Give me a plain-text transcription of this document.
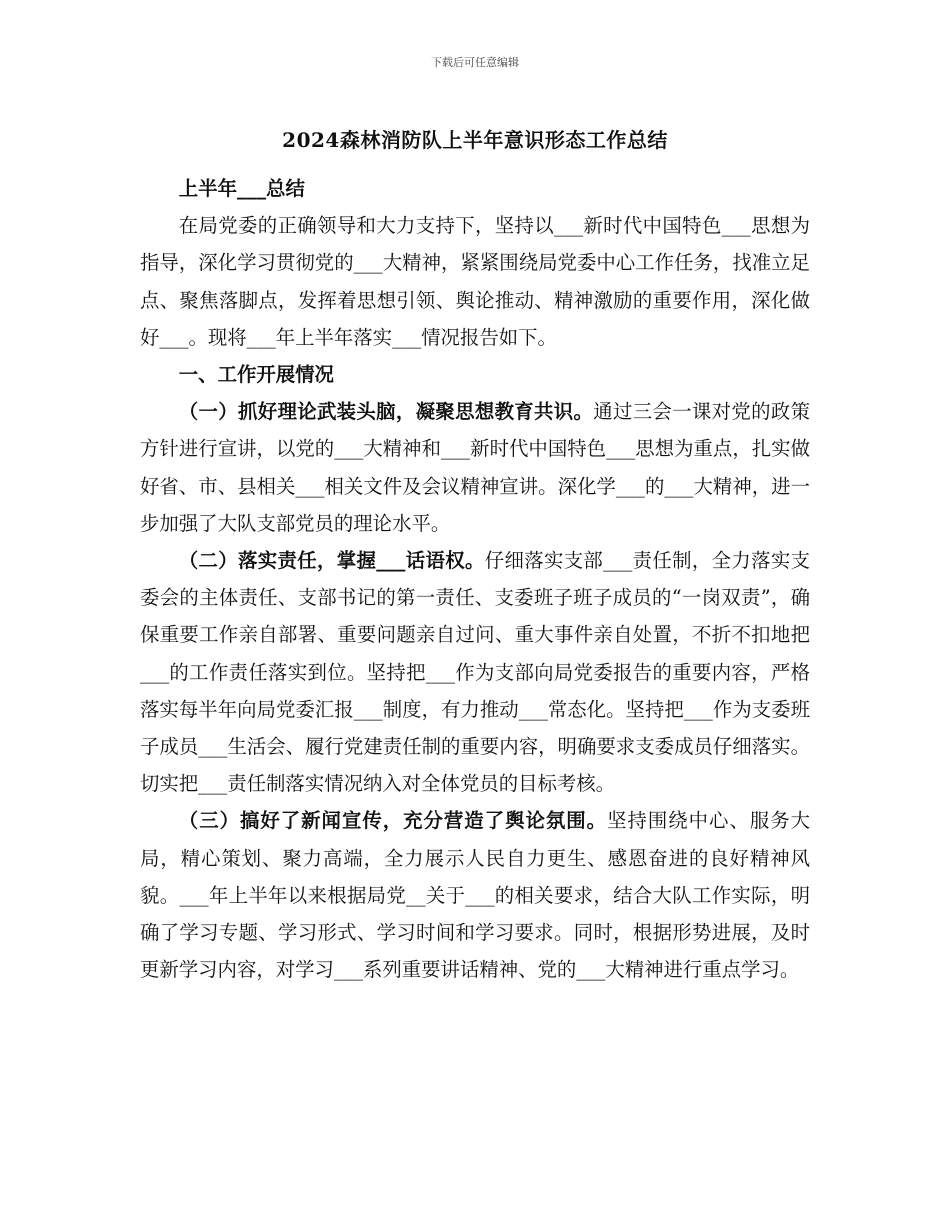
下载后可任意编辑
2024森林消防队上半年意识形态工作总结

上半年___总结

在局党委的正确领导和大力支持下，坚持以___新时代中国特色___思想为指导，深化学习贯彻党的___大精神，紧紧围绕局党委中心工作任务，找准立足点、聚焦落脚点，发挥着思想引领、舆论推动、精神激励的重要作用，深化做好___。现将___年上半年落实___情况报告如下。

一、工作开展情况

（一）抓好理论武装头脑，凝聚思想教育共识。通过三会一课对党的政策方针进行宣讲，以党的___大精神和___新时代中国特色___思想为重点，扎实做好省、市、县相关___相关文件及会议精神宣讲。深化学___的___大精神，进一步加强了大队支部党员的理论水平。

（二）落实责任，掌握___话语权。仔细落实支部___责任制，全力落实支委会的主体责任、支部书记的第一责任、支委班子班子成员的“一岗双责”，确保重要工作亲自部署、重要问题亲自过问、重大事件亲自处置，不折不扣地把___的工作责任落实到位。坚持把___作为支部向局党委报告的重要内容，严格落实每半年向局党委汇报___制度，有力推动___常态化。坚持把___作为支委班子成员___生活会、履行党建责任制的重要内容，明确要求支委成员仔细落实。切实把___责任制落实情况纳入对全体党员的目标考核。

（三）搞好了新闻宣传，充分营造了舆论氛围。坚持围绕中心、服务大局，精心策划、聚力高端，全力展示人民自力更生、感恩奋进的良好精神风貌。___年上半年以来根据局党__关于___的相关要求，结合大队工作实际，明确了学习专题、学习形式、学习时间和学习要求。同时，根据形势进展，及时更新学习内容，对学习___系列重要讲话精神、党的___大精神进行重点学习。
